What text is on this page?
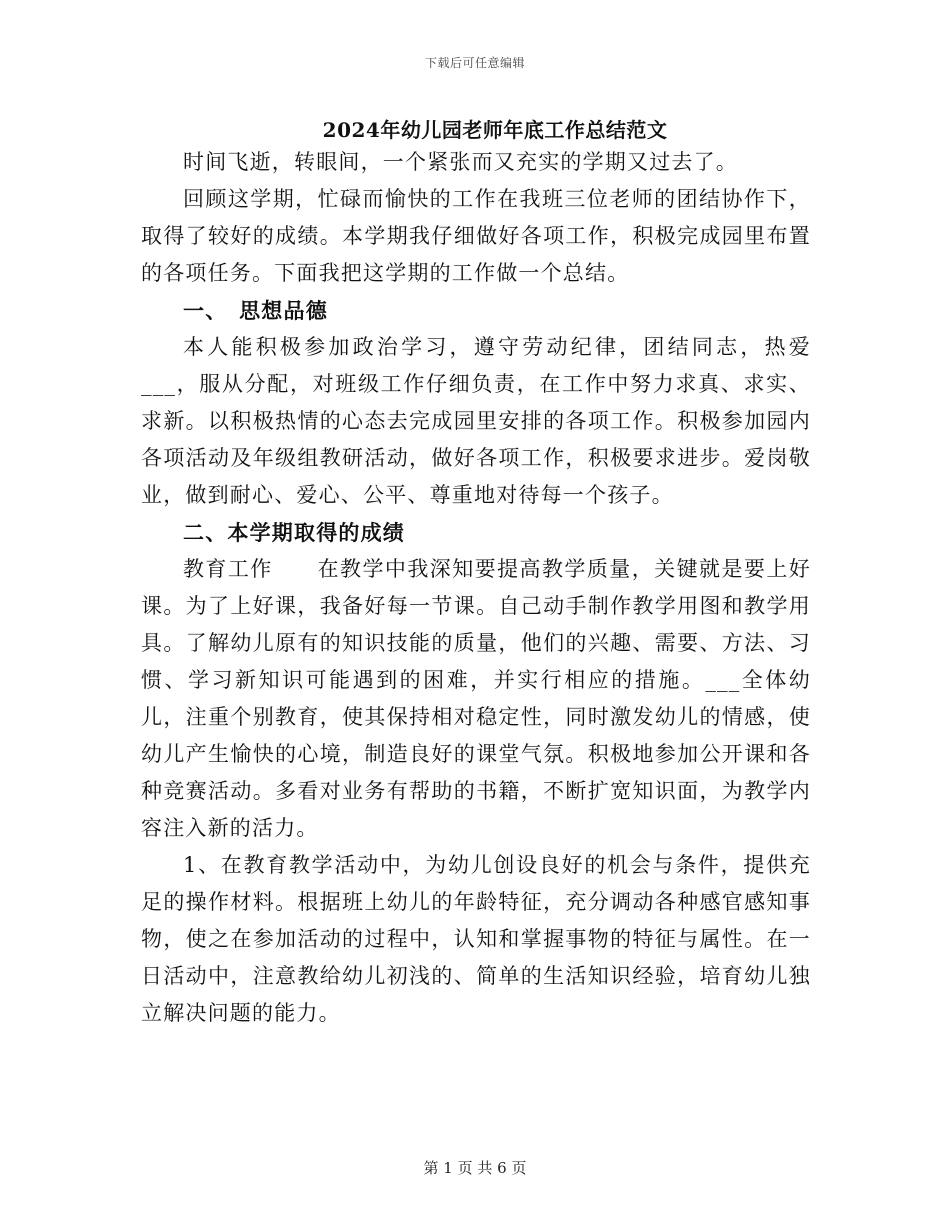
下载后可任意编辑
2024年幼儿园老师年底工作总结范文

时间飞逝，转眼间，一个紧张而又充实的学期又过去了。

回顾这学期，忙碌而愉快的工作在我班三位老师的团结协作下，取得了较好的成绩。本学期我仔细做好各项工作，积极完成园里布置的各项任务。下面我把这学期的工作做一个总结。

一、　思想品德

本人能积极参加政治学习，遵守劳动纪律，团结同志，热爱___，服从分配，对班级工作仔细负责，在工作中努力求真、求实、求新。以积极热情的心态去完成园里安排的各项工作。积极参加园内各项活动及年级组教研活动，做好各项工作，积极要求进步。爱岗敬业，做到耐心、爱心、公平、尊重地对待每一个孩子。

二、本学期取得的成绩

教育工作　　在教学中我深知要提高教学质量，关键就是要上好课。为了上好课，我备好每一节课。自己动手制作教学用图和教学用具。了解幼儿原有的知识技能的质量，他们的兴趣、需要、方法、习惯、学习新知识可能遇到的困难，并实行相应的措施。___全体幼儿，注重个别教育，使其保持相对稳定性，同时激发幼儿的情感，使幼儿产生愉快的心境，制造良好的课堂气氛。积极地参加公开课和各种竞赛活动。多看对业务有帮助的书籍，不断扩宽知识面，为教学内容注入新的活力。

1、在教育教学活动中，为幼儿创设良好的机会与条件，提供充足的操作材料。根据班上幼儿的年龄特征，充分调动各种感官感知事物，使之在参加活动的过程中，认知和掌握事物的特征与属性。在一日活动中，注意教给幼儿初浅的、简单的生活知识经验，培育幼儿独立解决问题的能力。

第 1 页 共 6 页
